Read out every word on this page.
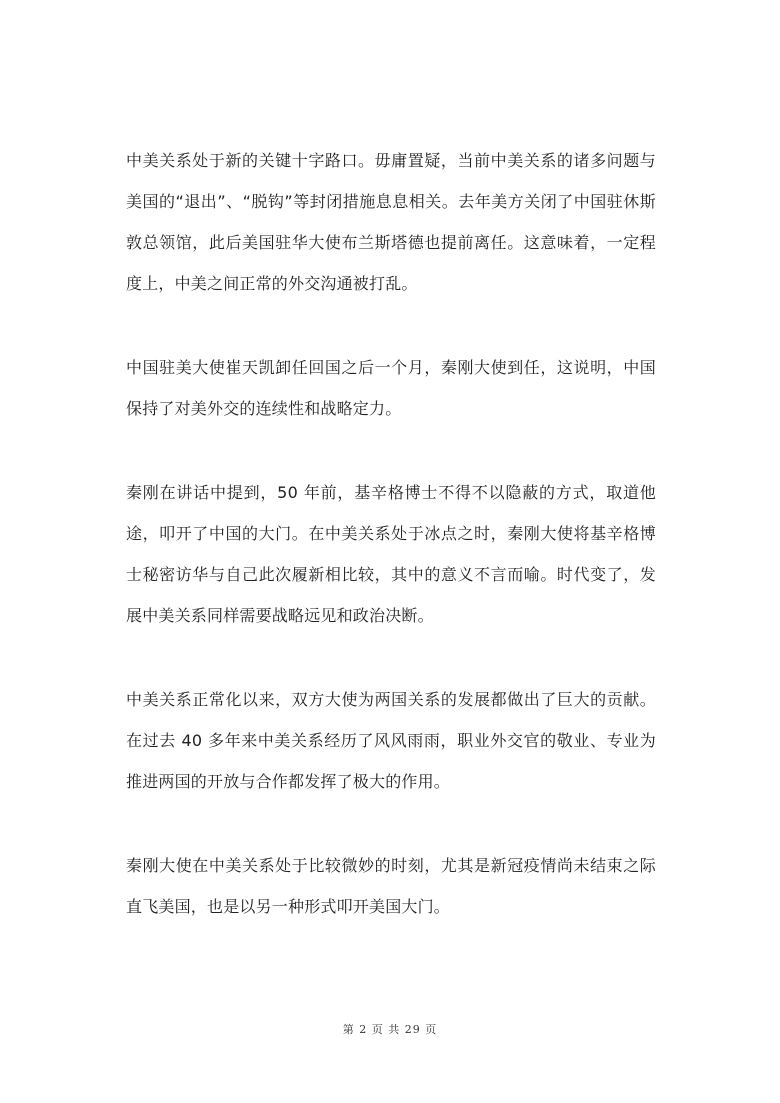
中美关系处于新的关键十字路口。毋庸置疑，当前中美关系的诸多问题与美国的“退出”、“脱钩”等封闭措施息息相关。去年美方关闭了中国驻休斯敦总领馆，此后美国驻华大使布兰斯塔德也提前离任。这意味着，一定程度上，中美之间正常的外交沟通被打乱。

中国驻美大使崔天凯卸任回国之后一个月，秦刚大使到任，这说明，中国保持了对美外交的连续性和战略定力。

秦刚在讲话中提到，50 年前，基辛格博士不得不以隐蔽的方式，取道他途，叩开了中国的大门。在中美关系处于冰点之时，秦刚大使将基辛格博士秘密访华与自己此次履新相比较，其中的意义不言而喻。时代变了，发展中美关系同样需要战略远见和政治决断。

中美关系正常化以来，双方大使为两国关系的发展都做出了巨大的贡献。在过去 40 多年来中美关系经历了风风雨雨，职业外交官的敬业、专业为推进两国的开放与合作都发挥了极大的作用。

秦刚大使在中美关系处于比较微妙的时刻，尤其是新冠疫情尚未结束之际直飞美国，也是以另一种形式叩开美国大门。

第 2 页 共 29 页
